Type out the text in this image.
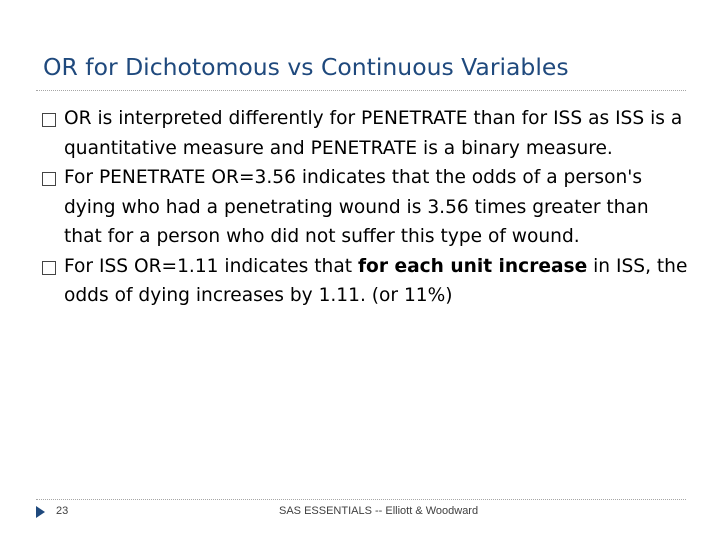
OR for Dichotomous vs Continuous Variables
OR is interpreted differently for PENETRATE than for ISS as ISS is a quantitative measure and PENETRATE is a binary measure.
For PENETRATE OR=3.56 indicates that the odds of a person's dying who had a penetrating wound is 3.56 times greater than that for a person who did not suffer this type of wound.
For ISS OR=1.11 indicates that for each unit increase in ISS, the odds of dying increases by 1.11. (or 11%)
23	SAS ESSENTIALS -- Elliott & Woodward
